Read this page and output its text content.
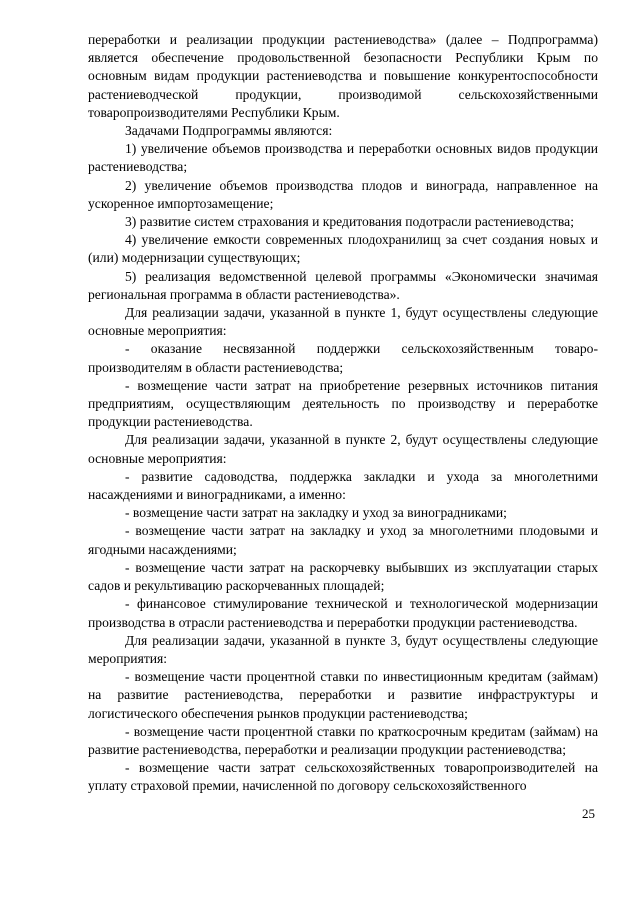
переработки и реализации продукции растениеводства» (далее – Подпрограмма) является обеспечение продовольственной безопасности Республики Крым по основным видам продукции растениеводства и повышение конкурентоспособности растениеводческой продукции, производимой сельскохозяйственными товаропроизводителями Республики Крым.

Задачами Подпрограммы являются:

1) увеличение объемов производства и переработки основных видов продукции растениеводства;

2) увеличение объемов производства плодов и винограда, направленное на ускоренное импортозамещение;

3) развитие систем страхования и кредитования подотрасли растениеводства;

4) увеличение емкости современных плодохранилищ за счет создания новых и (или) модернизации существующих;

5) реализация ведомственной целевой программы «Экономически значимая региональная программа в области растениеводства».

Для реализации задачи, указанной в пункте 1, будут осуществлены следующие основные мероприятия:

- оказание несвязанной поддержки сельскохозяйственным товаро-производителям в области растениеводства;

- возмещение части затрат на приобретение резервных источников питания предприятиям, осуществляющим деятельность по производству и переработке продукции растениеводства.

Для реализации задачи, указанной в пункте 2, будут осуществлены следующие основные мероприятия:

- развитие садоводства, поддержка закладки и ухода за многолетними насаждениями и виноградниками, а именно:

- возмещение части затрат на закладку и уход за виноградниками;

- возмещение части затрат на закладку и уход за многолетними плодовыми и ягодными насаждениями;

- возмещение части затрат на раскорчевку выбывших из эксплуатации старых садов и рекультивацию раскорчеванных площадей;

- финансовое стимулирование технической и технологической модернизации производства в отрасли растениеводства и переработки продукции растениеводства.

Для реализации задачи, указанной в пункте 3, будут осуществлены следующие мероприятия:

- возмещение части процентной ставки по инвестиционным кредитам (займам) на развитие растениеводства, переработки и развитие инфраструктуры и логистического обеспечения рынков продукции растениеводства;

- возмещение части процентной ставки по краткосрочным кредитам (займам) на развитие растениеводства, переработки и реализации продукции растениеводства;

- возмещение части затрат сельскохозяйственных товаропроизводителей на уплату страховой премии, начисленной по договору сельскохозяйственного

25
